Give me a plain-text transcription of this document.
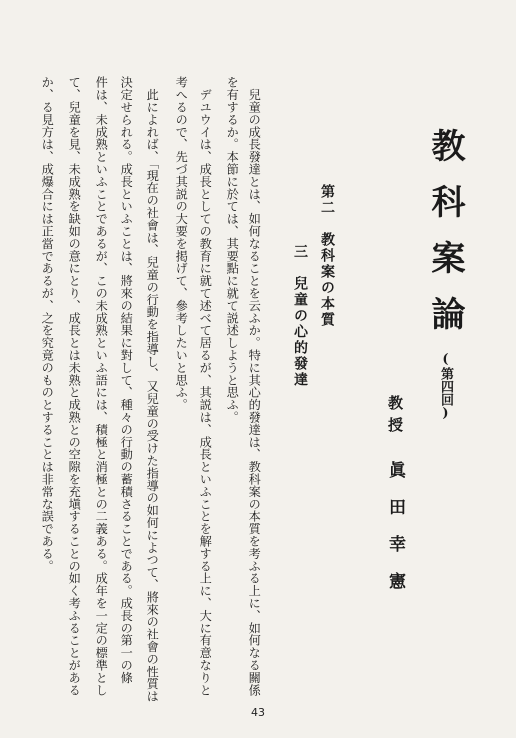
教科案論(第四回)
教授　眞田幸憲
第二　教科案の本質
三　兒童の心的發達
　兒童の成長發達とは、如何なることを云ふか。特に其心的發達は、教科案の本質を考ふる上に、如何なる關係
を有するか。本節に於ては、其要點に就て説述しようと思ふ。
　デユウイは、成長としての教育に就て述べて居るが、其説は、成長といふことを解する上に、大に有意なりと
考へるので、先づ其説の大要を掲げて、參考したいと思ふ。
　此によれば、「現在の社會は、兒童の行動を指導し、又兒童の受けた指導の如何によつて、將來の社會の性質は
決定せられる。成長といふことは、將來の結果に對して、種々の行動の蓄積さることである。成長の第一の條
件は、未成熟といふことであるが、この未成熟といふ語には、積極と消極との二義ある。成年を一定の標準とし
て、兒童を見、未成熟を缺如の意にとり、成長とは未熟と成熟との空隙を充塡することの如く考ふることがある
か、る見方は、成爆合には正當であるが、之を究竟のものとすることは非常な誤である。
43
